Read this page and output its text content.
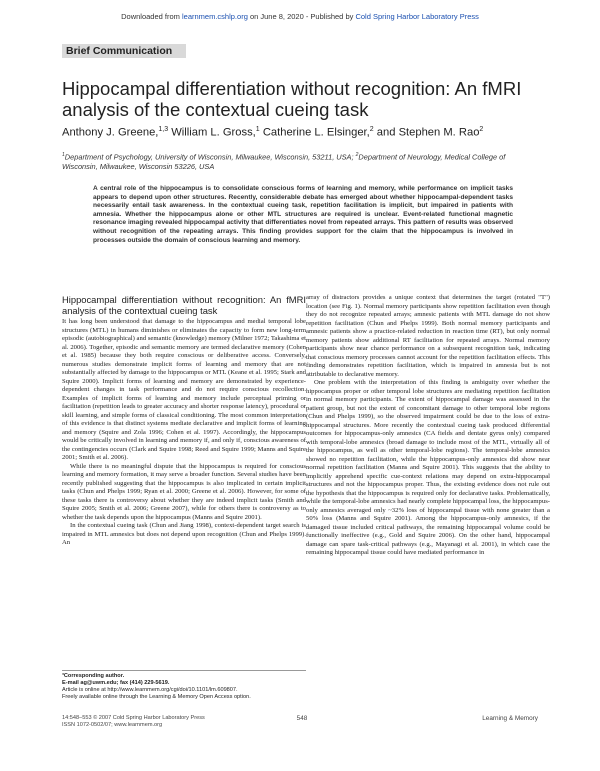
Downloaded from learnmem.cshlp.org on June 8, 2020 - Published by Cold Spring Harbor Laboratory Press
Brief Communication
Hippocampal differentiation without recognition: An fMRI analysis of the contextual cueing task
Anthony J. Greene,$^{1,3}$ William L. Gross,$^1$ Catherine L. Elsinger,$^2$ and Stephen M. Rao$^2$
$^1$Department of Psychology, University of Wisconsin, Milwaukee, Wisconsin, 53211, USA; $^2$Department of Neurology, Medical College of Wisconsin, Milwaukee, Wisconsin 53226, USA
A central role of the hippocampus is to consolidate conscious forms of learning and memory, while performance on implicit tasks appears to depend upon other structures. Recently, considerable debate has emerged about whether hippocampal-dependent tasks necessarily entail task awareness. In the contextual cueing task, repetition facilitation is implicit, but impaired in patients with amnesia. Whether the hippocampus alone or other MTL structures are required is unclear. Event-related functional magnetic resonance imaging revealed hippocampal activity that differentiates novel from repeated arrays. This pattern of results was observed without recognition of the repeating arrays. This finding provides support for the claim that the hippocampus is involved in processes outside the domain of conscious learning and memory.
Hippocampal differentiation without recognition: An fMRI analysis of the contextual cueing task

It has long been understood that damage to the hippocampus and medial temporal lobe structures (MTL) in humans diminishes or eliminates the capacity to form new long-term episodic (autobiographical) and semantic (knowledge) memory (Milner 1972; Takashima et al. 2006). Together, episodic and semantic memory are termed declarative memory (Cohen et al. 1985) because they both require conscious or deliberative access. Conversely, numerous studies demonstrate implicit forms of learning and memory that are not substantially affected by damage to the hippocampus or MTL (Keane et al. 1995; Stark and Squire 2000). Implicit forms of learning and memory are demonstrated by experience-dependent changes in task performance and do not require conscious recollection. Examples of implicit forms of learning and memory include perceptual priming or facilitation (repetition leads to greater accuracy and shorter response latency), procedural or skill learning, and simple forms of classical conditioning. The most common interpretation of this evidence is that distinct systems mediate declarative and implicit forms of learning and memory (Squire and Zola 1996; Cohen et al. 1997). Accordingly, the hippocampus would be critically involved in learning and memory if, and only if, conscious awareness of the contingencies occurs (Clark and Squire 1998; Reed and Squire 1999; Manns and Squire 2001; Smith et al. 2006).

While there is no meaningful dispute that the hippocampus is required for conscious learning and memory formation, it may serve a broader function. Several studies have been recently published suggesting that the hippocampus is also implicated in certain implicit tasks (Chun and Phelps 1999; Ryan et al. 2000; Greene et al. 2006). However, for some of these tasks there is controversy about whether they are indeed implicit tasks (Smith and Squire 2005; Smith et al. 2006; Greene 2007), while for others there is controversy as to whether the task depends upon the hippocampus (Manns and Squire 2001).

In the contextual cueing task (Chun and Jiang 1998), context-dependent target search is impaired in MTL amnesics but does not depend upon recognition (Chun and Phelps 1999). An

array of distractors provides a unique context that determines the target (rotated "T") location (see Fig. 1). Normal memory participants show repetition facilitation even though they do not recognize repeated arrays; amnesic patients with MTL damage do not show repetition facilitation (Chun and Phelps 1999). Both normal memory participants and amnesic patients show a practice-related reduction in reaction time (RT), but only normal memory patients show additional RT facilitation for repeated arrays. Normal memory participants show near chance performance on a subsequent recognition task, indicating that conscious memory processes cannot account for the repetition facilitation effects. This finding demonstrates repetition facilitation, which is impaired in amnesia but is not attributable to declarative memory.

One problem with the interpretation of this finding is ambiguity over whether the hippocampus proper or other temporal lobe structures are mediating repetition facilitation in normal memory participants. The extent of hippocampal damage was assessed in the patient group, but not the extent of concomitant damage to other temporal lobe regions (Chun and Phelps 1999), so the observed impairment could be due to the loss of extra-hippocampal structures. More recently the contextual cueing task produced differential outcomes for hippocampus-only amnesics (CA fields and dentate gyrus only) compared with temporal-lobe amnesics (broad damage to include most of the MTL, virtually all of the hippocampus, as well as other temporal-lobe regions). The temporal-lobe amnesics showed no repetition facilitation, while the hippocampus-only amnesics did show near normal repetition facilitation (Manns and Squire 2001). This suggests that the ability to implicitly apprehend specific cue-context relations may depend on extra-hippocampal structures and not the hippocampus proper. Thus, the existing evidence does not rule out the hypothesis that the hippocampus is required only for declarative tasks. Problematically, while the temporal-lobe amnesics had nearly complete hippocampal loss, the hippocampus-only amnesics averaged only ~32% loss of hippocampal tissue with none greater than a 50% loss (Manns and Squire 2001). Among the hippocampus-only amnesics, if the damaged tissue included critical pathways, the remaining hippocampal volume could be functionally ineffective (e.g., Gold and Squire 2006). On the other hand, hippocampal damage can spare task-critical pathways (e.g., Mayanagi et al. 2001), in which case the remaining hippocampal tissue could have mediated performance in

³Corresponding author.
E-mail ag@uwm.edu; fax (414) 229-5619.
Article is online at http://www.learnmem.org/cgi/doi/10.1101/lm.609807.
Freely available online through the Learning & Memory Open Access option.
14:548–553 © 2007 Cold Spring Harbor Laboratory Press
ISSN 1072-0502/07; www.learnmem.org
548	Learning & Memory
